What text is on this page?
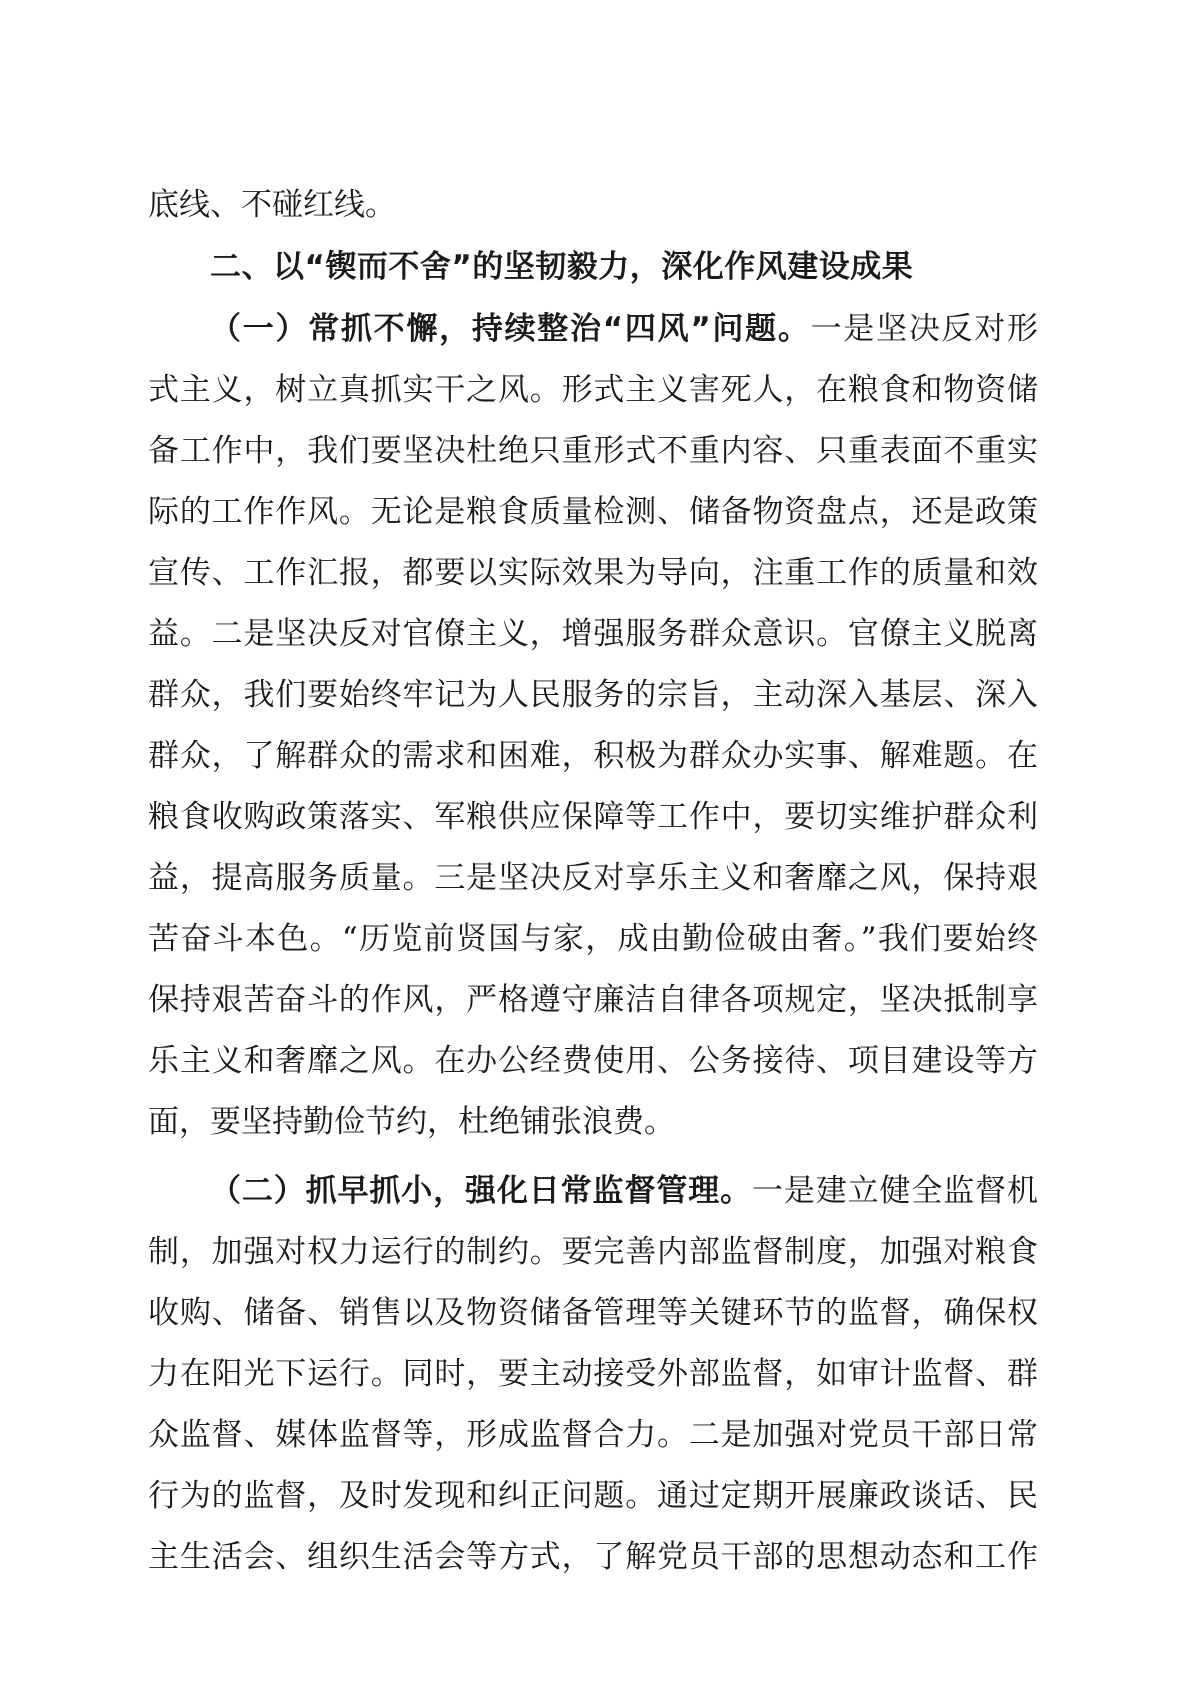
底线、不碰红线。
二、以“锲而不舍”的坚韧毅力，深化作风建设成果
（一）常抓不懈，持续整治“四风”问题。一是坚决反对形
式主义，树立真抓实干之风。形式主义害死人，在粮食和物资储
备工作中，我们要坚决杜绝只重形式不重内容、只重表面不重实
际的工作作风。无论是粮食质量检测、储备物资盘点，还是政策
宣传、工作汇报，都要以实际效果为导向，注重工作的质量和效
益。二是坚决反对官僚主义，增强服务群众意识。官僚主义脱离
群众，我们要始终牢记为人民服务的宗旨，主动深入基层、深入
群众，了解群众的需求和困难，积极为群众办实事、解难题。在
粮食收购政策落实、军粮供应保障等工作中，要切实维护群众利
益，提高服务质量。三是坚决反对享乐主义和奢靡之风，保持艰
苦奋斗本色。“历览前贤国与家，成由勤俭破由奢。”我们要始终
保持艰苦奋斗的作风，严格遵守廉洁自律各项规定，坚决抵制享
乐主义和奢靡之风。在办公经费使用、公务接待、项目建设等方
面，要坚持勤俭节约，杜绝铺张浪费。
（二）抓早抓小，强化日常监督管理。一是建立健全监督机
制，加强对权力运行的制约。要完善内部监督制度，加强对粮食
收购、储备、销售以及物资储备管理等关键环节的监督，确保权
力在阳光下运行。同时，要主动接受外部监督，如审计监督、群
众监督、媒体监督等，形成监督合力。二是加强对党员干部日常
行为的监督，及时发现和纠正问题。通过定期开展廉政谈话、民
主生活会、组织生活会等方式，了解党员干部的思想动态和工作
